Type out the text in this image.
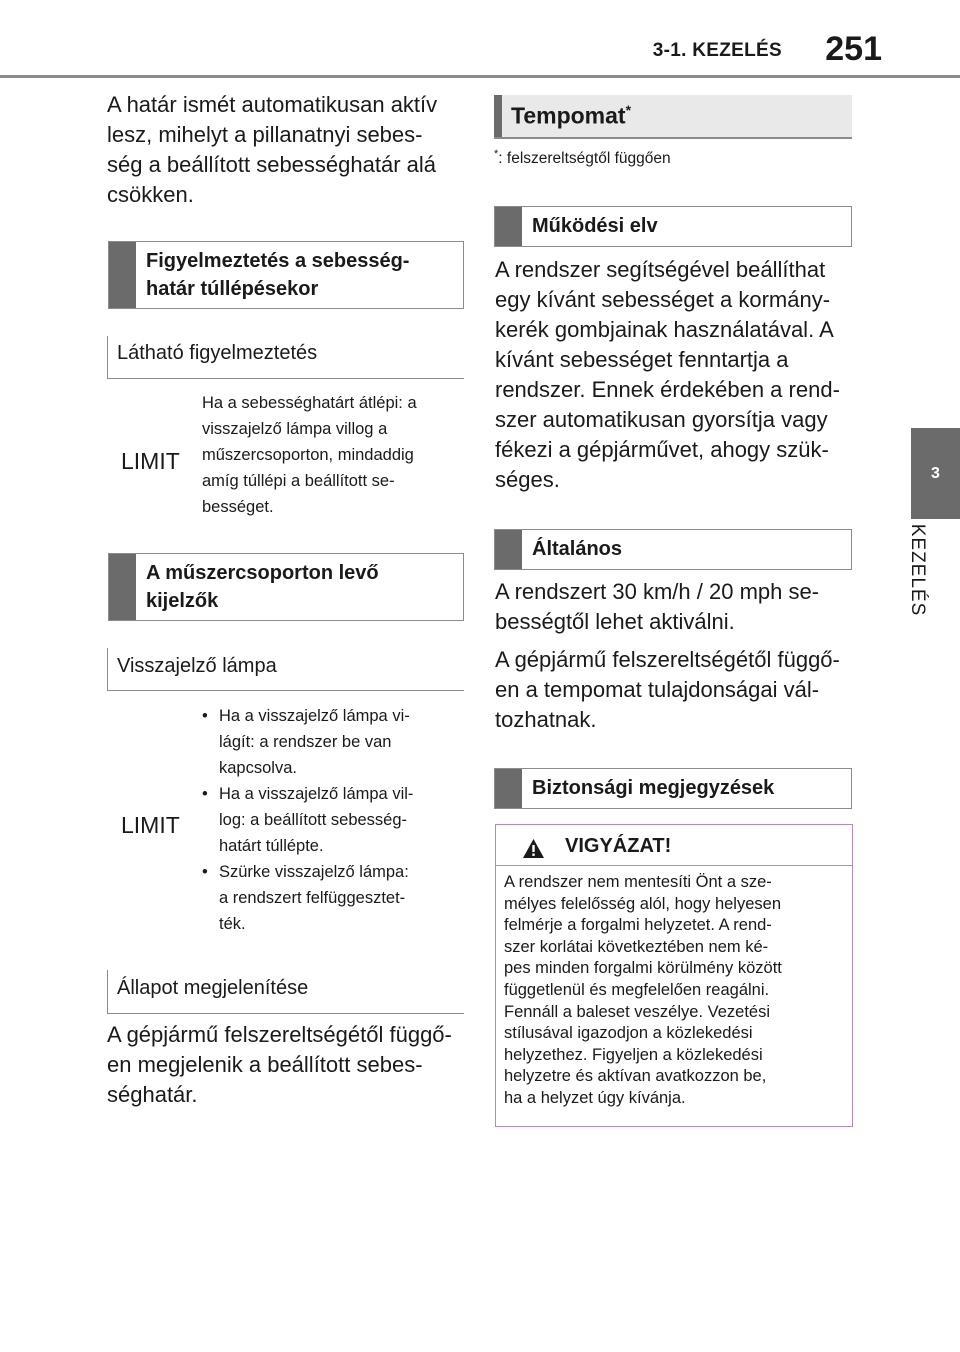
3-1. KEZELÉS 251
3
KEZELÉS
A határ ismét automatikusan aktív
lesz, mihelyt a pillanatnyi sebes-
ség a beállított sebességhatár alá
csökken.
Figyelmeztetés a sebesség-
határ túllépésekor
Látható figyelmeztetés
LIMIT
Ha a sebességhatárt átlépi: a
visszajelző lámpa villog a
műszercsoporton, mindaddig
amíg túllépi a beállított se-
bességet.
A műszercsoporton levő
kijelzők
Visszajelző lámpa
LIMIT
• Ha a visszajelző lámpa vi-
lágít: a rendszer be van
kapcsolva.
• Ha a visszajelző lámpa vil-
log: a beállított sebesség-
határt túllépte.
• Szürke visszajelző lámpa:
a rendszert felfüggesztet-
ték.
Állapot megjelenítése
A gépjármű felszereltségétől függő-
en megjelenik a beállított sebes-
séghatár.
Tempomat*
*: felszereltségtől függően
Működési elv
A rendszer segítségével beállíthat
egy kívánt sebességet a kormány-
kerék gombjainak használatával. A
kívánt sebességet fenntartja a
rendszer. Ennek érdekében a rend-
szer automatikusan gyorsítja vagy
fékezi a gépjárművet, ahogy szük-
séges.
Általános
A rendszert 30 km/h / 20 mph se-
bességtől lehet aktiválni.
A gépjármű felszereltségétől függő-
en a tempomat tulajdonságai vál-
tozhatnak.
Biztonsági megjegyzések
VIGYÁZAT!
A rendszer nem mentesíti Önt a sze-
mélyes felelősség alól, hogy helyesen
felmérje a forgalmi helyzetet. A rend-
szer korlátai következtében nem ké-
pes minden forgalmi körülmény között
függetlenül és megfelelően reagálni.
Fennáll a baleset veszélye. Vezetési
stílusával igazodjon a közlekedési
helyzethez. Figyeljen a közlekedési
helyzetre és aktívan avatkozzon be,
ha a helyzet úgy kívánja.
